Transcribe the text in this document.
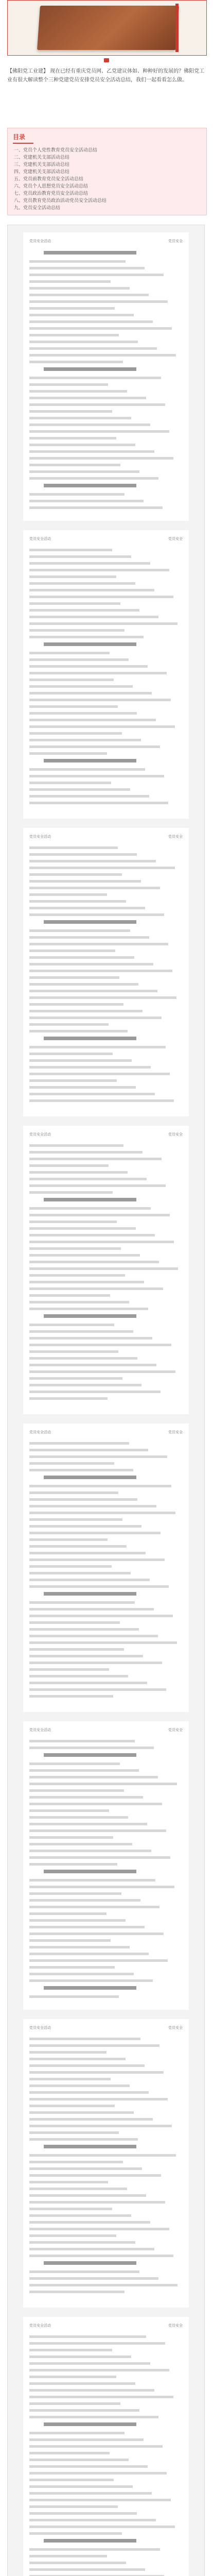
【佛阳党工业建】 现在已经有重庆党员网、乙党建议体如、种种好的发展的？佛阳党工业有很大解读整个三种党建党员安排党员安全活动总结，我们一起看看怎么做。

目录
一、党员个人党性教育党员安全活动总结
二、党建机关支部活动总结
三、党建机关支部活动总结
四、党建机关支部活动总结
五、党员前教育党员安全活动总结
六、党员个人思想党员安全活动总结
七、党员政治教育党员安全活动总结
八、党员教育党员政治活动党员安全活动总结
九、党员安全活动总结
党员安全活动	党员安全
党员安全活动	党员安全
党员安全活动	党员安全
党员安全活动	党员安全
党员安全活动	党员安全
党员安全活动	党员安全
党员安全活动	党员安全
党员安全活动	党员安全
